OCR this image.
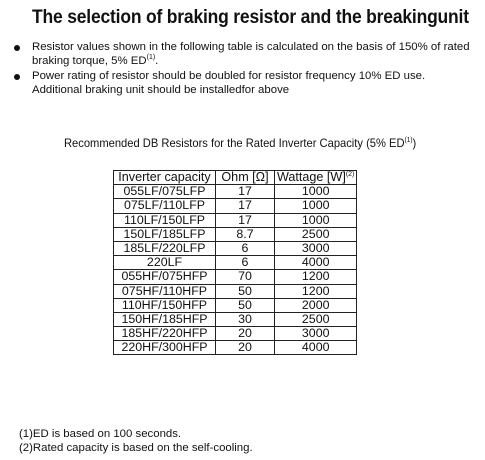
The selection of braking resistor and the breakingunit
Resistor values shown in the following table is calculated on the basis of 150% of rated braking torque, 5% ED$^{(1)}$.
Power rating of resistor should be doubled for resistor frequency 10% ED use. Additional braking unit should be installedfor above
Recommended DB Resistors for the Rated Inverter Capacity (5% ED$^{(1)}$)
Inverter capacity	Ohm [Ω]	Wattage $[W]^{(2)}$
055LF/075LFP	17	1000
075LF/110LFP	17	1000
110LF/150LFP	17	1000
150LF/185LFP	8.7	2500
185LF/220LFP	6	3000
220LF	6	4000
055HF/075HFP	70	1200
075HF/110HFP	50	1200
110HF/150HFP	50	2000
150HF/185HFP	30	2500
185HF/220HFP	20	3000
220HF/300HFP	20	4000
(1)ED is based on 100 seconds.
(2)Rated capacity is based on the self-cooling.
